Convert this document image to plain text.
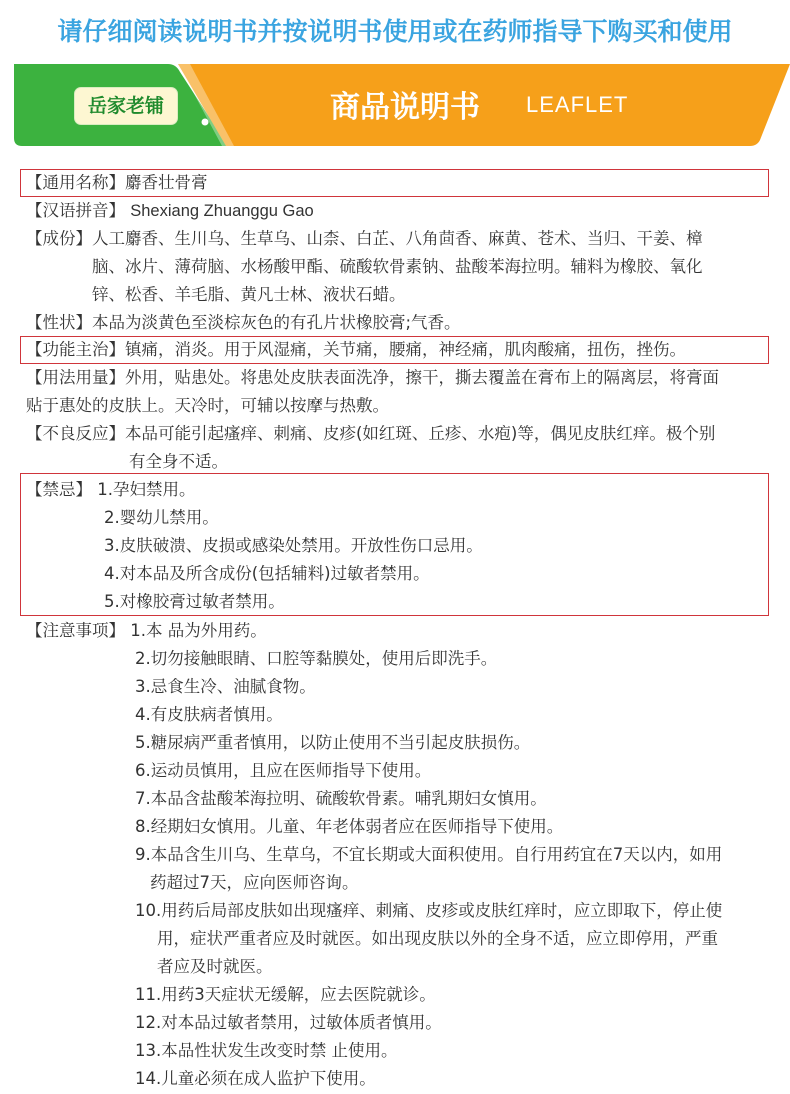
请仔细阅读说明书并按说明书使用或在药师指导下购买和使用
岳家老铺	商品说明书 LEAFLET
【通用名称】麝香壮骨膏
【汉语拼音】 Shexiang Zhuanggu Gao
【成份】人工麝香、生川乌、生草乌、山柰、白芷、八角茴香、麻黄、苍术、当归、干姜、樟
脑、冰片、薄荷脑、水杨酸甲酯、硫酸软骨素钠、盐酸苯海拉明。辅料为橡胶、氧化
锌、松香、羊毛脂、黄凡士林、液状石蜡。
【性状】本品为淡黄色至淡棕灰色的有孔片状橡胶膏;气香。
【功能主治】镇痛，消炎。用于风湿痛，关节痛，腰痛，神经痛，肌肉酸痛，扭伤，挫伤。
【用法用量】外用，贴患处。将患处皮肤表面洗净，擦干，撕去覆盖在膏布上的隔离层，将膏面
贴于惠处的皮肤上。天冷时，可辅以按摩与热敷。
【不良反应】本品可能引起瘙痒、刺痛、皮疹(如红斑、丘疹、水疱)等，偶见皮肤红痒。极个别
有全身不适。
【禁忌】 1.孕妇禁用。
2.婴幼儿禁用。
3.皮肤破溃、皮损或感染处禁用。开放性伤口忌用。
4.对本品及所含成份(包括辅料)过敏者禁用。
5.对橡胶膏过敏者禁用。
【注意事项】 1.本 品为外用药。
2.切勿接触眼睛、口腔等黏膜处，使用后即洗手。
3.忌食生冷、油腻食物。
4.有皮肤病者慎用。
5.糖尿病严重者慎用，以防止使用不当引起皮肤损伤。
6.运动员慎用，且应在医师指导下使用。
7.本品含盐酸苯海拉明、硫酸软骨素。哺乳期妇女慎用。
8.经期妇女慎用。儿童、年老体弱者应在医师指导下使用。
9.本品含生川乌、生草乌，不宜长期或大面积使用。自行用药宜在7天以内，如用
药超过7天，应向医师咨询。
10.用药后局部皮肤如出现瘙痒、刺痛、皮疹或皮肤红痒时，应立即取下，停止使
用，症状严重者应及时就医。如出现皮肤以外的全身不适，应立即停用，严重
者应及时就医。
11.用药3天症状无缓解，应去医院就诊。
12.对本品过敏者禁用，过敏体质者慎用。
13.本品性状发生改变时禁 止使用。
14.儿童必须在成人监护下使用。
